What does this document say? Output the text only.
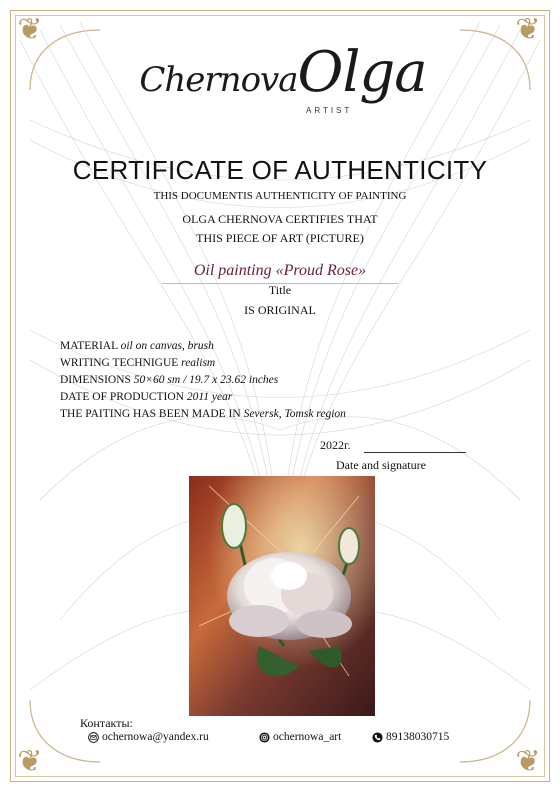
❦	❦
❦	❦
ChernovaOlga
ARTIST
CERTIFICATE OF AUTHENTICITY
THIS DOCUMENTIS AUTHENTICITY OF PAINTING
OLGA CHERNOVA CERTIFIES THAT
THIS PIECE OF ART (PICTURE)
Oil painting «Proud Rose»
Title
IS ORIGINAL
MATERIAL oil on canvas, brush
WRITING TECHNIGUE realism
DIMENSIONS 50×60 sm / 19.7 x 23.62 inches
DATE OF PRODUCTION 2011 year
THE PAITING HAS BEEN MADE IN Seversk, Tomsk region
2022г.
Date and signature
Контакты:
ochernowa@yandex.ru	ochernowa_art	89138030715
